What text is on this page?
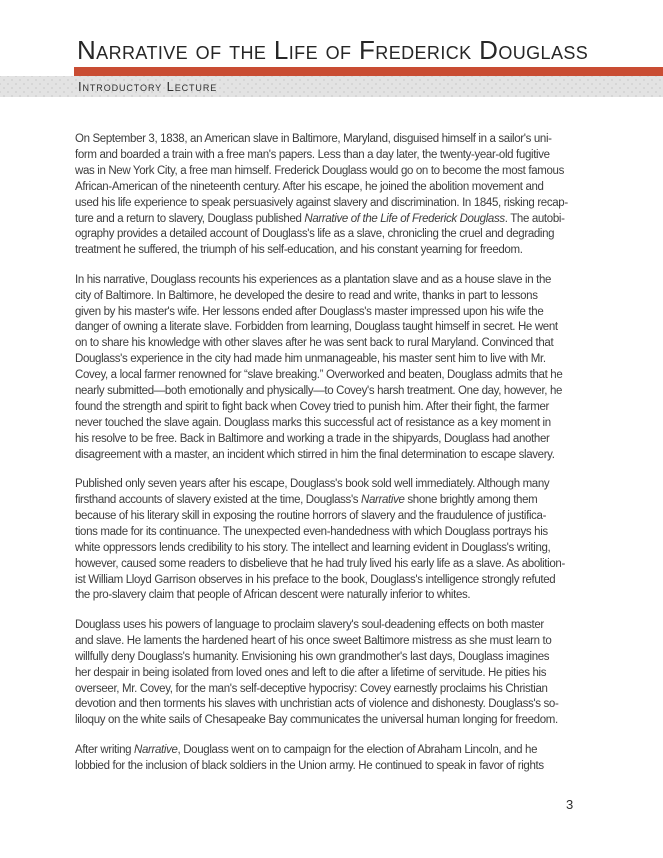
Narrative of the Life of Frederick Douglass
Introductory Lecture
On September 3, 1838, an American slave in Baltimore, Maryland, disguised himself in a sailor's uni-
form and boarded a train with a free man's papers. Less than a day later, the twenty-year-old fugitive
was in New York City, a free man himself. Frederick Douglass would go on to become the most famous
African-American of the nineteenth century. After his escape, he joined the abolition movement and
used his life experience to speak persuasively against slavery and discrimination. In 1845, risking recap-
ture and a return to slavery, Douglass published Narrative of the Life of Frederick Douglass. The autobi-
ography provides a detailed account of Douglass's life as a slave, chronicling the cruel and degrading
treatment he suffered, the triumph of his self-education, and his constant yearning for freedom.
In his narrative, Douglass recounts his experiences as a plantation slave and as a house slave in the
city of Baltimore. In Baltimore, he developed the desire to read and write, thanks in part to lessons
given by his master's wife. Her lessons ended after Douglass's master impressed upon his wife the
danger of owning a literate slave. Forbidden from learning, Douglass taught himself in secret. He went
on to share his knowledge with other slaves after he was sent back to rural Maryland. Convinced that
Douglass's experience in the city had made him unmanageable, his master sent him to live with Mr.
Covey, a local farmer renowned for “slave breaking.” Overworked and beaten, Douglass admits that he
nearly submitted—both emotionally and physically—to Covey's harsh treatment. One day, however, he
found the strength and spirit to fight back when Covey tried to punish him. After their fight, the farmer
never touched the slave again. Douglass marks this successful act of resistance as a key moment in
his resolve to be free. Back in Baltimore and working a trade in the shipyards, Douglass had another
disagreement with a master, an incident which stirred in him the final determination to escape slavery.
Published only seven years after his escape, Douglass's book sold well immediately. Although many
firsthand accounts of slavery existed at the time, Douglass's Narrative shone brightly among them
because of his literary skill in exposing the routine horrors of slavery and the fraudulence of justifica-
tions made for its continuance. The unexpected even-handedness with which Douglass portrays his
white oppressors lends credibility to his story. The intellect and learning evident in Douglass's writing,
however, caused some readers to disbelieve that he had truly lived his early life as a slave. As abolition-
ist William Lloyd Garrison observes in his preface to the book, Douglass's intelligence strongly refuted
the pro-slavery claim that people of African descent were naturally inferior to whites.
Douglass uses his powers of language to proclaim slavery's soul-deadening effects on both master
and slave. He laments the hardened heart of his once sweet Baltimore mistress as she must learn to
willfully deny Douglass's humanity. Envisioning his own grandmother's last days, Douglass imagines
her despair in being isolated from loved ones and left to die after a lifetime of servitude. He pities his
overseer, Mr. Covey, for the man's self-deceptive hypocrisy: Covey earnestly proclaims his Christian
devotion and then torments his slaves with unchristian acts of violence and dishonesty. Douglass's so-
liloquy on the white sails of Chesapeake Bay communicates the universal human longing for freedom.
After writing Narrative, Douglass went on to campaign for the election of Abraham Lincoln, and he
lobbied for the inclusion of black soldiers in the Union army. He continued to speak in favor of rights
3
